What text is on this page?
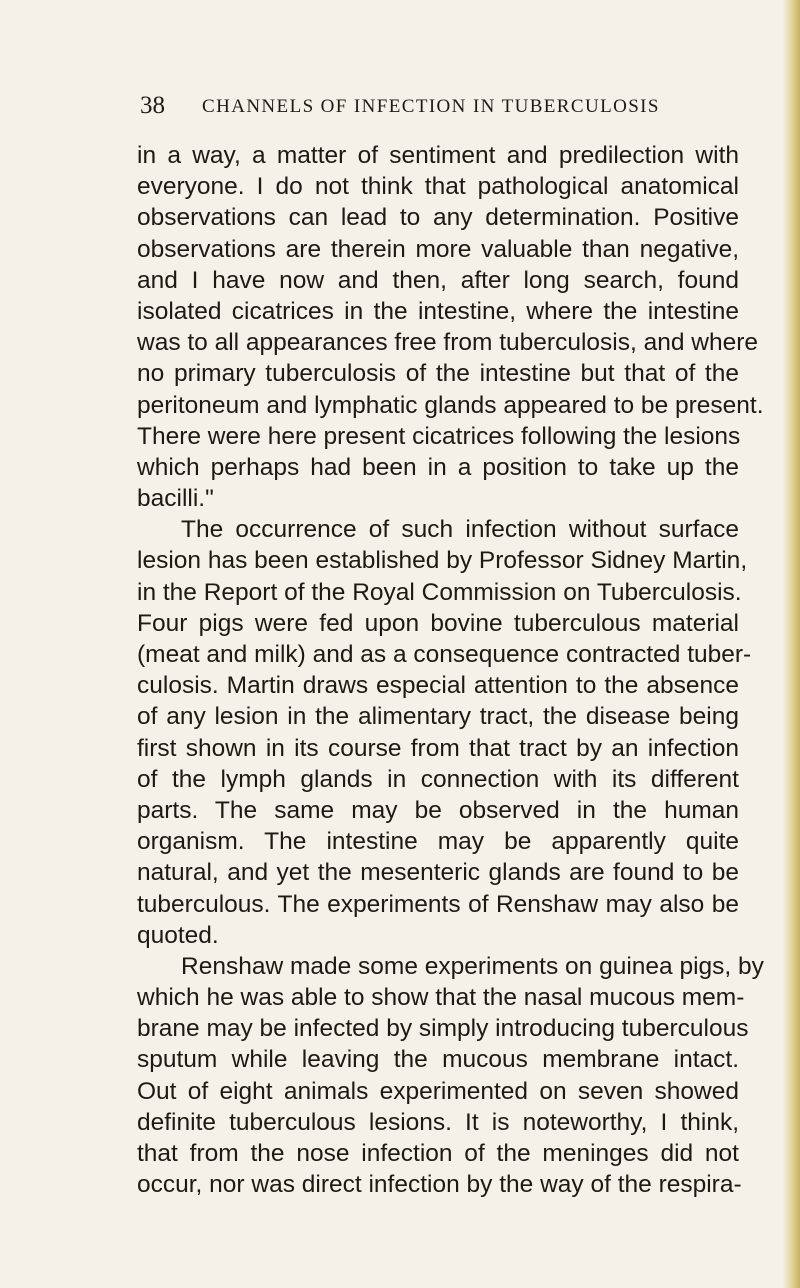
38 CHANNELS OF INFECTION IN TUBERCULOSIS
in a way, a matter of sentiment and predilection with
everyone. I do not think that pathological anatomical
observations can lead to any determination. Positive
observations are therein more valuable than negative,
and I have now and then, after long search, found
isolated cicatrices in the intestine, where the intestine
was to all appearances free from tuberculosis, and where
no primary tuberculosis of the intestine but that of the
peritoneum and lymphatic glands appeared to be present.
There were here present cicatrices following the lesions
which perhaps had been in a position to take up the
bacilli."
The occurrence of such infection without surface
lesion has been established by Professor Sidney Martin,
in the Report of the Royal Commission on Tuberculosis.
Four pigs were fed upon bovine tuberculous material
(meat and milk) and as a consequence contracted tuber-
culosis. Martin draws especial attention to the absence
of any lesion in the alimentary tract, the disease being
first shown in its course from that tract by an infection
of the lymph glands in connection with its different
parts. The same may be observed in the human
organism. The intestine may be apparently quite
natural, and yet the mesenteric glands are found to be
tuberculous. The experiments of Renshaw may also be
quoted.
Renshaw made some experiments on guinea pigs, by
which he was able to show that the nasal mucous mem-
brane may be infected by simply introducing tuberculous
sputum while leaving the mucous membrane intact.
Out of eight animals experimented on seven showed
definite tuberculous lesions. It is noteworthy, I think,
that from the nose infection of the meninges did not
occur, nor was direct infection by the way of the respira-
